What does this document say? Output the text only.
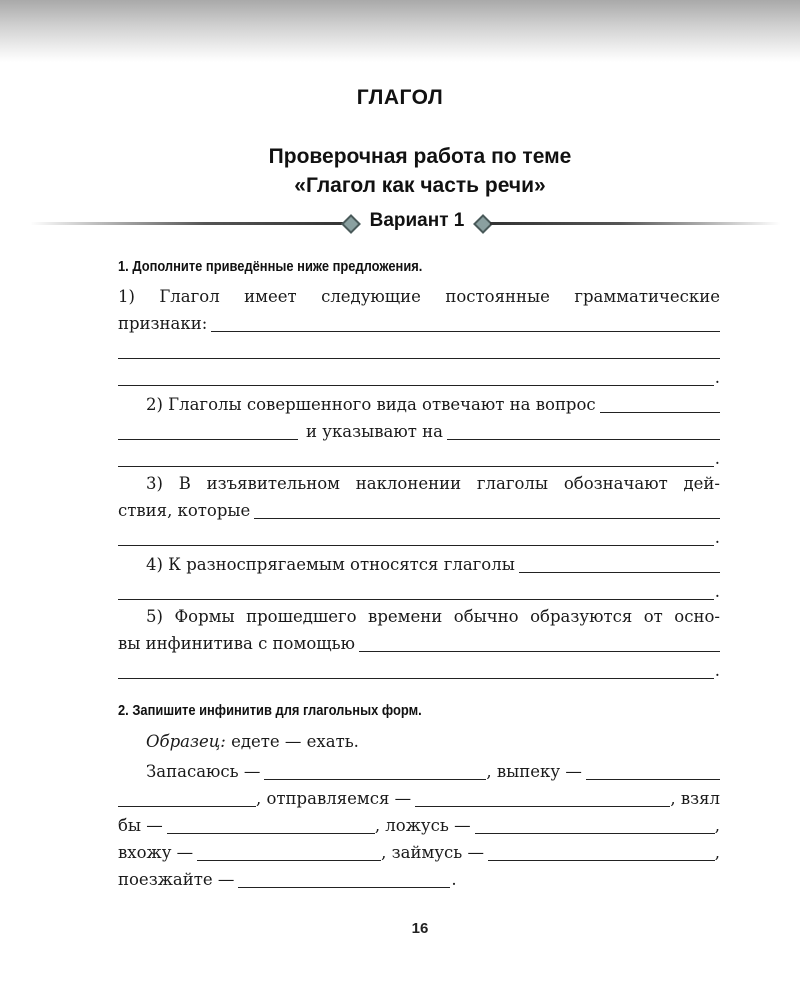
ГЛАГОЛ
Проверочная работа по теме
«Глагол как часть речи»
Вариант 1
1. Дополните приведённые ниже предложения.
1) Глагол имеет следующие постоянные грамматические
признаки:
.
2) Глаголы совершенного вида отвечают на вопрос
и указывают на
.
3) В изъявительном наклонении глаголы обозначают дей-
ствия, которые
.
4) К разноспрягаемым относятся глаголы
.
5) Формы прошедшего времени обычно образуются от осно-
вы инфинитива с помощью
.
2. Запишите инфинитив для глагольных форм.
Образец: едете — ехать.
Запасаюсь —	, выпеку —
, отправляемся —	, взял
бы —	, ложусь —	,
вхожу —	, займусь —	,
поезжайте —	.
16
